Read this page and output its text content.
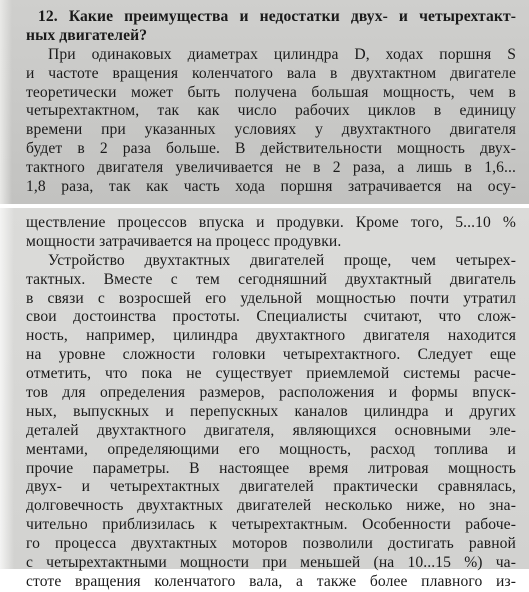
12. Какие преимущества и недостатки двух- и четырехтакт-
ных двигателей?
При одинаковых диаметрах цилиндра D, ходах поршня S
и частоте вращения коленчатого вала в двухтактном двигателе
теоретически может быть получена большая мощность, чем в
четырехтактном, так как число рабочих циклов в единицу
времени при указанных условиях у двухтактного двигателя
будет в 2 раза больше. В действительности мощность двух-
тактного двигателя увеличивается не в 2 раза, а лишь в 1,6...
1,8 раза, так как часть хода поршня затрачивается на осу-
ществление процессов впуска и продувки. Кроме того, 5...10 %
мощности затрачивается на процесс продувки.
Устройство двухтактных двигателей проще, чем четырех-
тактных. Вместе с тем сегодняшний двухтактный двигатель
в связи с возросшей его удельной мощностью почти утратил
свои достоинства простоты. Специалисты считают, что слож-
ность, например, цилиндра двухтактного двигателя находится
на уровне сложности головки четырехтактного. Следует еще
отметить, что пока не существует приемлемой системы расче-
тов для определения размеров, расположения и формы впуск-
ных, выпускных и перепускных каналов цилиндра и других
деталей двухтактного двигателя, являющихся основными эле-
ментами, определяющими его мощность, расход топлива и
прочие параметры. В настоящее время литровая мощность
двух- и четырехтактных двигателей практически сравнялась,
долговечность двухтактных двигателей несколько ниже, но зна-
чительно приблизилась к четырехтактным. Особенности рабоче-
го процесса двухтактных моторов позволили достигать равной
с четырехтактными мощности при меньшей (на 10...15 %) ча-
стоте вращения коленчатого вала, а также более плавного из-
